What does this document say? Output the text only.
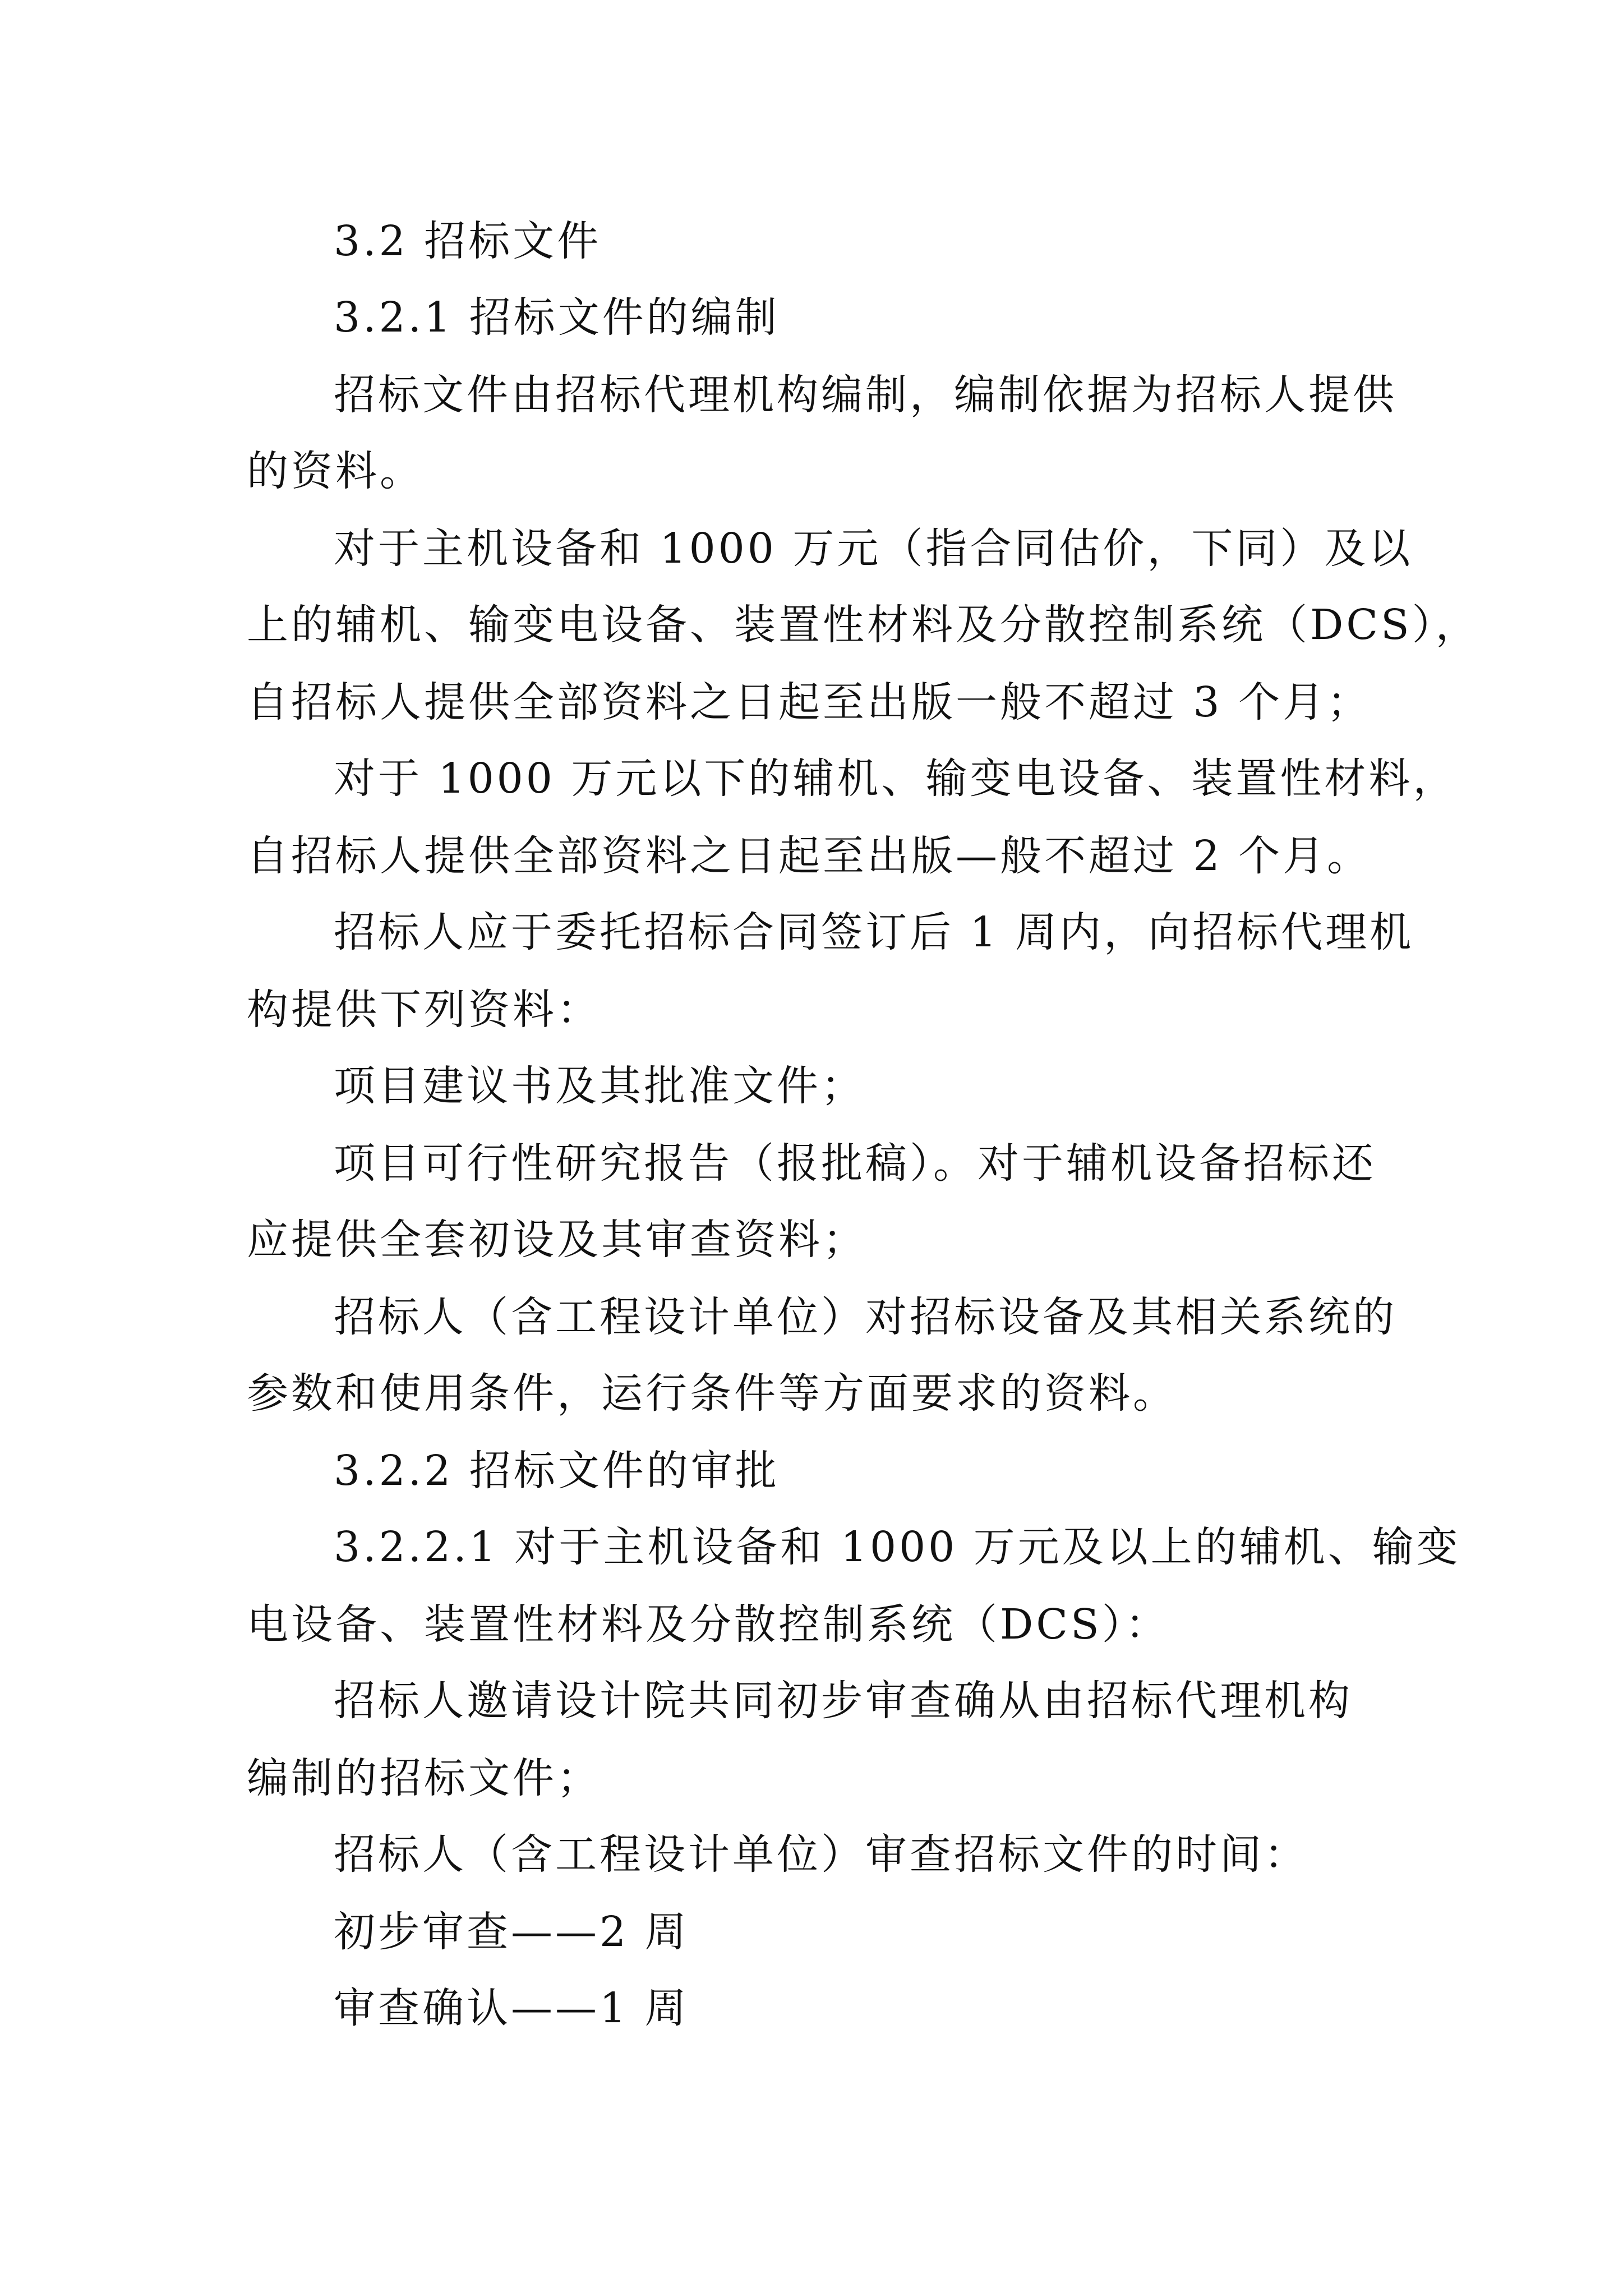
3.2 招标文件
3.2.1 招标文件的编制
招标文件由招标代理机构编制，编制依据为招标人提供
的资料。
对于主机设备和 1000 万元（指合同估价，下同）及以
上的辅机、输变电设备、装置性材料及分散控制系统（DCS），
自招标人提供全部资料之日起至出版一般不超过 3 个月；
对于 1000 万元以下的辅机、输变电设备、装置性材料，
自招标人提供全部资料之日起至出版—般不超过 2 个月。
招标人应于委托招标合同签订后 1 周内，向招标代理机
构提供下列资料：
项目建议书及其批准文件；
项目可行性研究报告（报批稿）。对于辅机设备招标还
应提供全套初设及其审查资料；
招标人（含工程设计单位）对招标设备及其相关系统的
参数和使用条件，运行条件等方面要求的资料。
3.2.2 招标文件的审批
3.2.2.1 对于主机设备和 1000 万元及以上的辅机、输变
电设备、装置性材料及分散控制系统（DCS）：
招标人邀请设计院共同初步审查确从由招标代理机构
编制的招标文件；
招标人（含工程设计单位）审查招标文件的时间：
初步审查——2 周
审查确认——1 周
